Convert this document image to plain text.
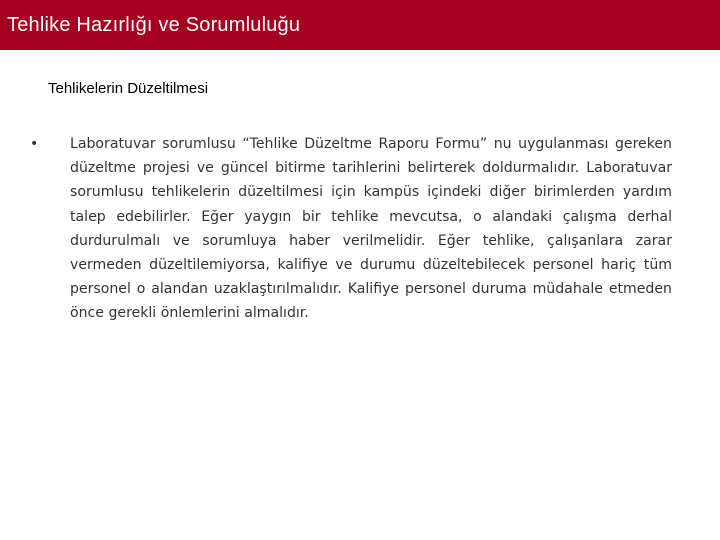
Tehlike Hazırlığı ve Sorumluluğu

Tehlikelerin Düzeltilmesi

• Laboratuvar sorumlusu “Tehlike Düzeltme Raporu Formu” nu uygulanması gereken düzeltme projesi ve güncel bitirme tarihlerini belirterek doldurmalıdır. Laboratuvar sorumlusu tehlikelerin düzeltilmesi için kampüs içindeki diğer birimlerden yardım talep edebilirler. Eğer yaygın bir tehlike mevcutsa, o alandaki çalışma derhal durdurulmalı ve sorumluya haber verilmelidir. Eğer tehlike, çalışanlara zarar vermeden düzeltilemiyorsa, kalifiye ve durumu düzeltebilecek personel hariç tüm personel o alandan uzaklaştırılmalıdır. Kalifiye personel duruma müdahale etmeden önce gerekli önlemlerini almalıdır.
